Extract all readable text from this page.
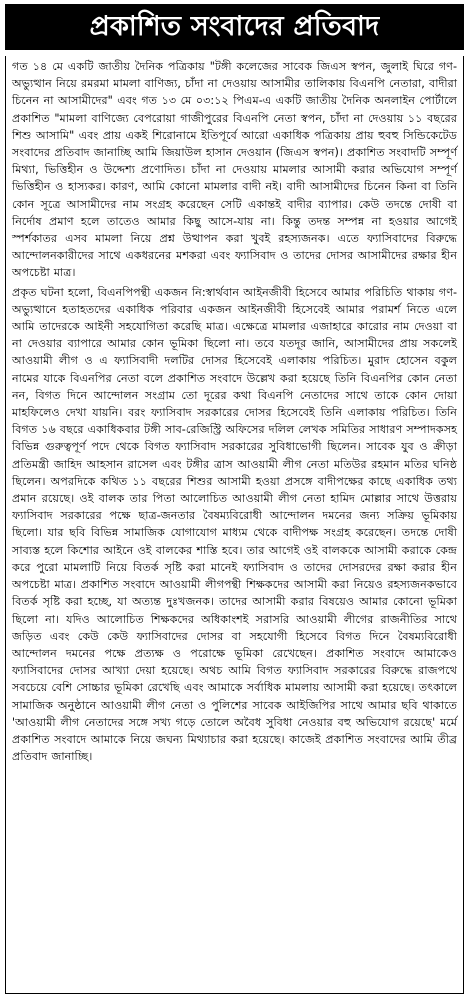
প্রকাশিত সংবাদের প্রতিবাদ

গত ১৪ মে একটি জাতীয় দৈনিক পত্রিকায় "টঙ্গী কলেজের সাবেক জিএস স্বপন, জুলাই ঘিরে গণ-অভ্যুত্থান নিয়ে রমরমা মামলা বাণিজ্য, চাঁদা না দেওয়ায় আসামীর তালিকায় বিএনপি নেতারা, বাদীরা চিনেন না আসামীদের" এবং গত ১৩ মে ০৩:১২ পিএম-এ একটি জাতীয় দৈনিক অনলাইন পোর্টালে প্রকাশিত "মামলা বাণিজ্যে বেপরোয়া গাজীপুরের বিএনপি নেতা স্বপন, চাঁদা না দেওয়ায় ১১ বছরের শিশু আসামি" এবং প্রায় একই শিরোনামে ইতিপূর্বে আরো একাধিক পত্রিকায় প্রায় হুবহু সিন্ডিকেটেড সংবাদের প্রতিবাদ জানাচ্ছি আমি জিয়াউল হাসান দেওয়ান (জিএস স্বপন)। প্রকাশিত সংবাদটি সম্পূর্ণ মিথ্যা, ভিত্তিহীন ও উদ্দেশ্য প্রণোদিত। চাঁদা না দেওয়ায় মামলার আসামী করার অভিযোগ সম্পূর্ণ ভিত্তিহীন ও হাস্যকর। কারণ, আমি কোনো মামলার বাদী নই। বাদী আসামীদের চিনেন কিনা বা তিনি কোন সূত্রে আসামীদের নাম সংগ্রহ করেছেন সেটি একান্তই বাদীর ব্যাপার। কেউ তদন্তে দোষী বা নির্দোষ প্রমাণ হলে তাতেও আমার কিছু আসে-যায় না। কিন্তু তদন্ত সম্পন্ন না হওয়ার আগেই স্পর্শকাতর এসব মামলা নিয়ে প্রশ্ন উত্থাপন করা খুবই রহস্যজনক। এতে ফ্যাসিবাদের বিরুদ্ধে আন্দোলনকারীদের সাথে একধরনের মশকরা এবং ফ্যাসিবাদ ও তাদের দোসর আসামীদের রক্ষার হীন অপচেষ্টা মাত্র।

প্রকৃত ঘটনা হলো, বিএনপিপন্থী একজন নি:স্বার্থবান আইনজীবী হিসেবে আমার পরিচিতি থাকায় গণ-অভ্যুত্থানে হতাহতদের একাধিক পরিবার একজন আইনজীবী হিসেবেই আমার পরামর্শ নিতে এলে আমি তাদেরকে আইনী সহযোগিতা করেছি মাত্র। এক্ষেত্রে মামলার এজাহারে কারোর নাম দেওয়া বা না দেওয়ার ব্যাপারে আমার কোন ভূমিকা ছিলো না। তবে যতদূর জানি, আসামীদের প্রায় সকলেই আওয়ামী লীগ ও এ ফ্যাসিবাদী দলটির দোসর হিসেবেই এলাকায় পরিচিত। মুরাদ হোসেন বকুল নামের যাকে বিএনপির নেতা বলে প্রকাশিত সংবাদে উল্লেখ করা হয়েছে তিনি বিএনপির কোন নেতা নন, বিগত দিনে আন্দোলন সংগ্রাম তো দূরের কথা বিএনপি নেতাদের সাথে তাকে কোন দোয়া মাহফিলেও দেখা যায়নি। বরং ফ্যাসিবাদ সরকারের দোসর হিসেবেই তিনি এলাকায় পরিচিত। তিনি বিগত ১৬ বছরে একাধিকবার টঙ্গী সাব-রেজিস্ট্রি অফিসের দলিল লেখক সমিতির সাধারণ সম্পাদকসহ বিভিন্ন গুরুত্বপূর্ণ পদে থেকে বিগত ফ্যাসিবাদ সরকারের সুবিধাভোগী ছিলেন। সাবেক যুব ও ক্রীড়া প্রতিমন্ত্রী জাহিদ আহসান রাসেল এবং টঙ্গীর ত্রাস আওয়ামী লীগ নেতা মতিউর রহমান মতির ঘনিষ্ঠ ছিলেন। অপরদিকে কথিত ১১ বছরের শিশুর আসামী হওয়া প্রসঙ্গে বাদীপক্ষের কাছে একাধিক তথ্য প্রমান রয়েছে। ওই বালক তার পিতা আলোচিত আওয়ামী লীগ নেতা হামিদ মোল্লার সাথে উত্তরায় ফ্যাসিবাদ সরকারের পক্ষে ছাত্র-জনতার বৈষম্যবিরোধী আন্দোলন দমনের জন্য সক্রিয় ভূমিকায় ছিলো। যার ছবি বিভিন্ন সামাজিক যোগাযোগ মাধ্যম থেকে বাদীপক্ষ সংগ্রহ করেছেন। তদন্তে দোষী সাব্যস্ত হলে কিশোর আইনে ওই বালকের শাস্তি হবে। তার আগেই ওই বালককে আসামী করাকে কেন্দ্র করে পুরো মামলাটি নিয়ে বিতর্ক সৃষ্টি করা মানেই ফ্যাসিবাদ ও তাদের দোসরদের রক্ষা করার হীন অপচেষ্টা মাত্র। প্রকাশিত সংবাদে আওয়ামী লীগপন্থী শিক্ষকদের আসামী করা নিয়েও রহস্যজনকভাবে বিতর্ক সৃষ্টি করা হচ্ছে, যা অত্যন্ত দুঃখজনক। তাদের আসামী করার বিষয়েও আমার কোনো ভূমিকা ছিলো না। যদিও আলোচিত শিক্ষকদের অধিকাংশই সরাসরি আওয়ামী লীগের রাজনীতির সাথে জড়িত এবং কেউ কেউ ফ্যাসিবাদের দোসর বা সহযোগী হিসেবে বিগত দিনে বৈষম্যবিরোধী আন্দোলন দমনের পক্ষে প্রত্যক্ষ ও পরোক্ষে ভূমিকা রেখেছেন। প্রকাশিত সংবাদে আমাকেও ফ্যাসিবাদের দোসর আখ্যা দেয়া হয়েছে। অথচ আমি বিগত ফ্যাসিবাদ সরকারের বিরুদ্ধে রাজপথে সবচেয়ে বেশি সোচ্চার ভূমিকা রেখেছি এবং আমাকে সর্বাধিক মামলায় আসামী করা হয়েছে। তৎকালে সামাজিক অনুষ্ঠানে আওয়ামী লীগ নেতা ও পুলিশের সাবেক আইজিপির সাথে আমার ছবি থাকাতে 'আওয়ামী লীগ নেতাদের সঙ্গে সখ্য গড়ে তোলে অবৈধ সুবিধা নেওয়ার বহু অভিযোগ রয়েছে' মর্মে প্রকাশিত সংবাদে আমাকে নিয়ে জঘন্য মিথ্যাচার করা হয়েছে। কাজেই প্রকাশিত সংবাদের আমি তীব্র প্রতিবাদ জানাচ্ছি।
